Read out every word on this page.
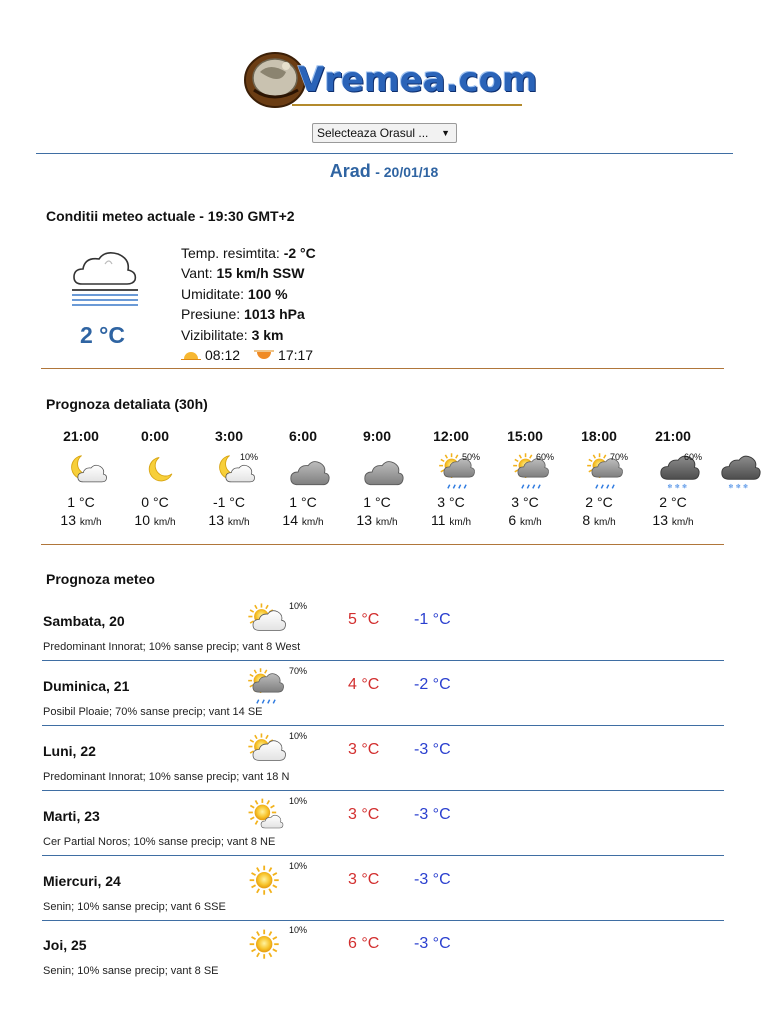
Vremea.com
Selecteaza Orasul ... ▼
Arad - 20/01/18
Conditii meteo actuale - 19:30 GMT+2
2 °C
Temp. resimtita: -2 °C
Vant: 15 km/h SSW
Umiditate: 100 %
Presiune: 1013 hPa
Vizibilitate: 3 km
08:12	17:17
Prognoza detaliata (30h)
21:00
1 °C
13 km/h
0:00
0 °C
10 km/h
3:00
10%
-1 °C
13 km/h
6:00
1 °C
14 km/h
9:00
1 °C
13 km/h
12:00
50%
3 °C
11 km/h
15:00
60%
3 °C
6 km/h
18:00
70%
2 °C
8 km/h
21:00
❄ ❄ ❄
60%
2 °C
13 km/h
❄ ❄ ❄
Prognoza meteo
Sambata, 20
10%
5 °C -1 °C
Predominant Innorat; 10% sanse precip; vant 8 West
Duminica, 21
70%
4 °C -2 °C
Posibil Ploaie; 70% sanse precip; vant 14 SE
Luni, 22
10%
3 °C -3 °C
Predominant Innorat; 10% sanse precip; vant 18 N
Marti, 23
10%
3 °C -3 °C
Cer Partial Noros; 10% sanse precip; vant 8 NE
Miercuri, 24
10%
3 °C -3 °C
Senin; 10% sanse precip; vant 6 SSE
Joi, 25
10%
6 °C -3 °C
Senin; 10% sanse precip; vant 8 SE
